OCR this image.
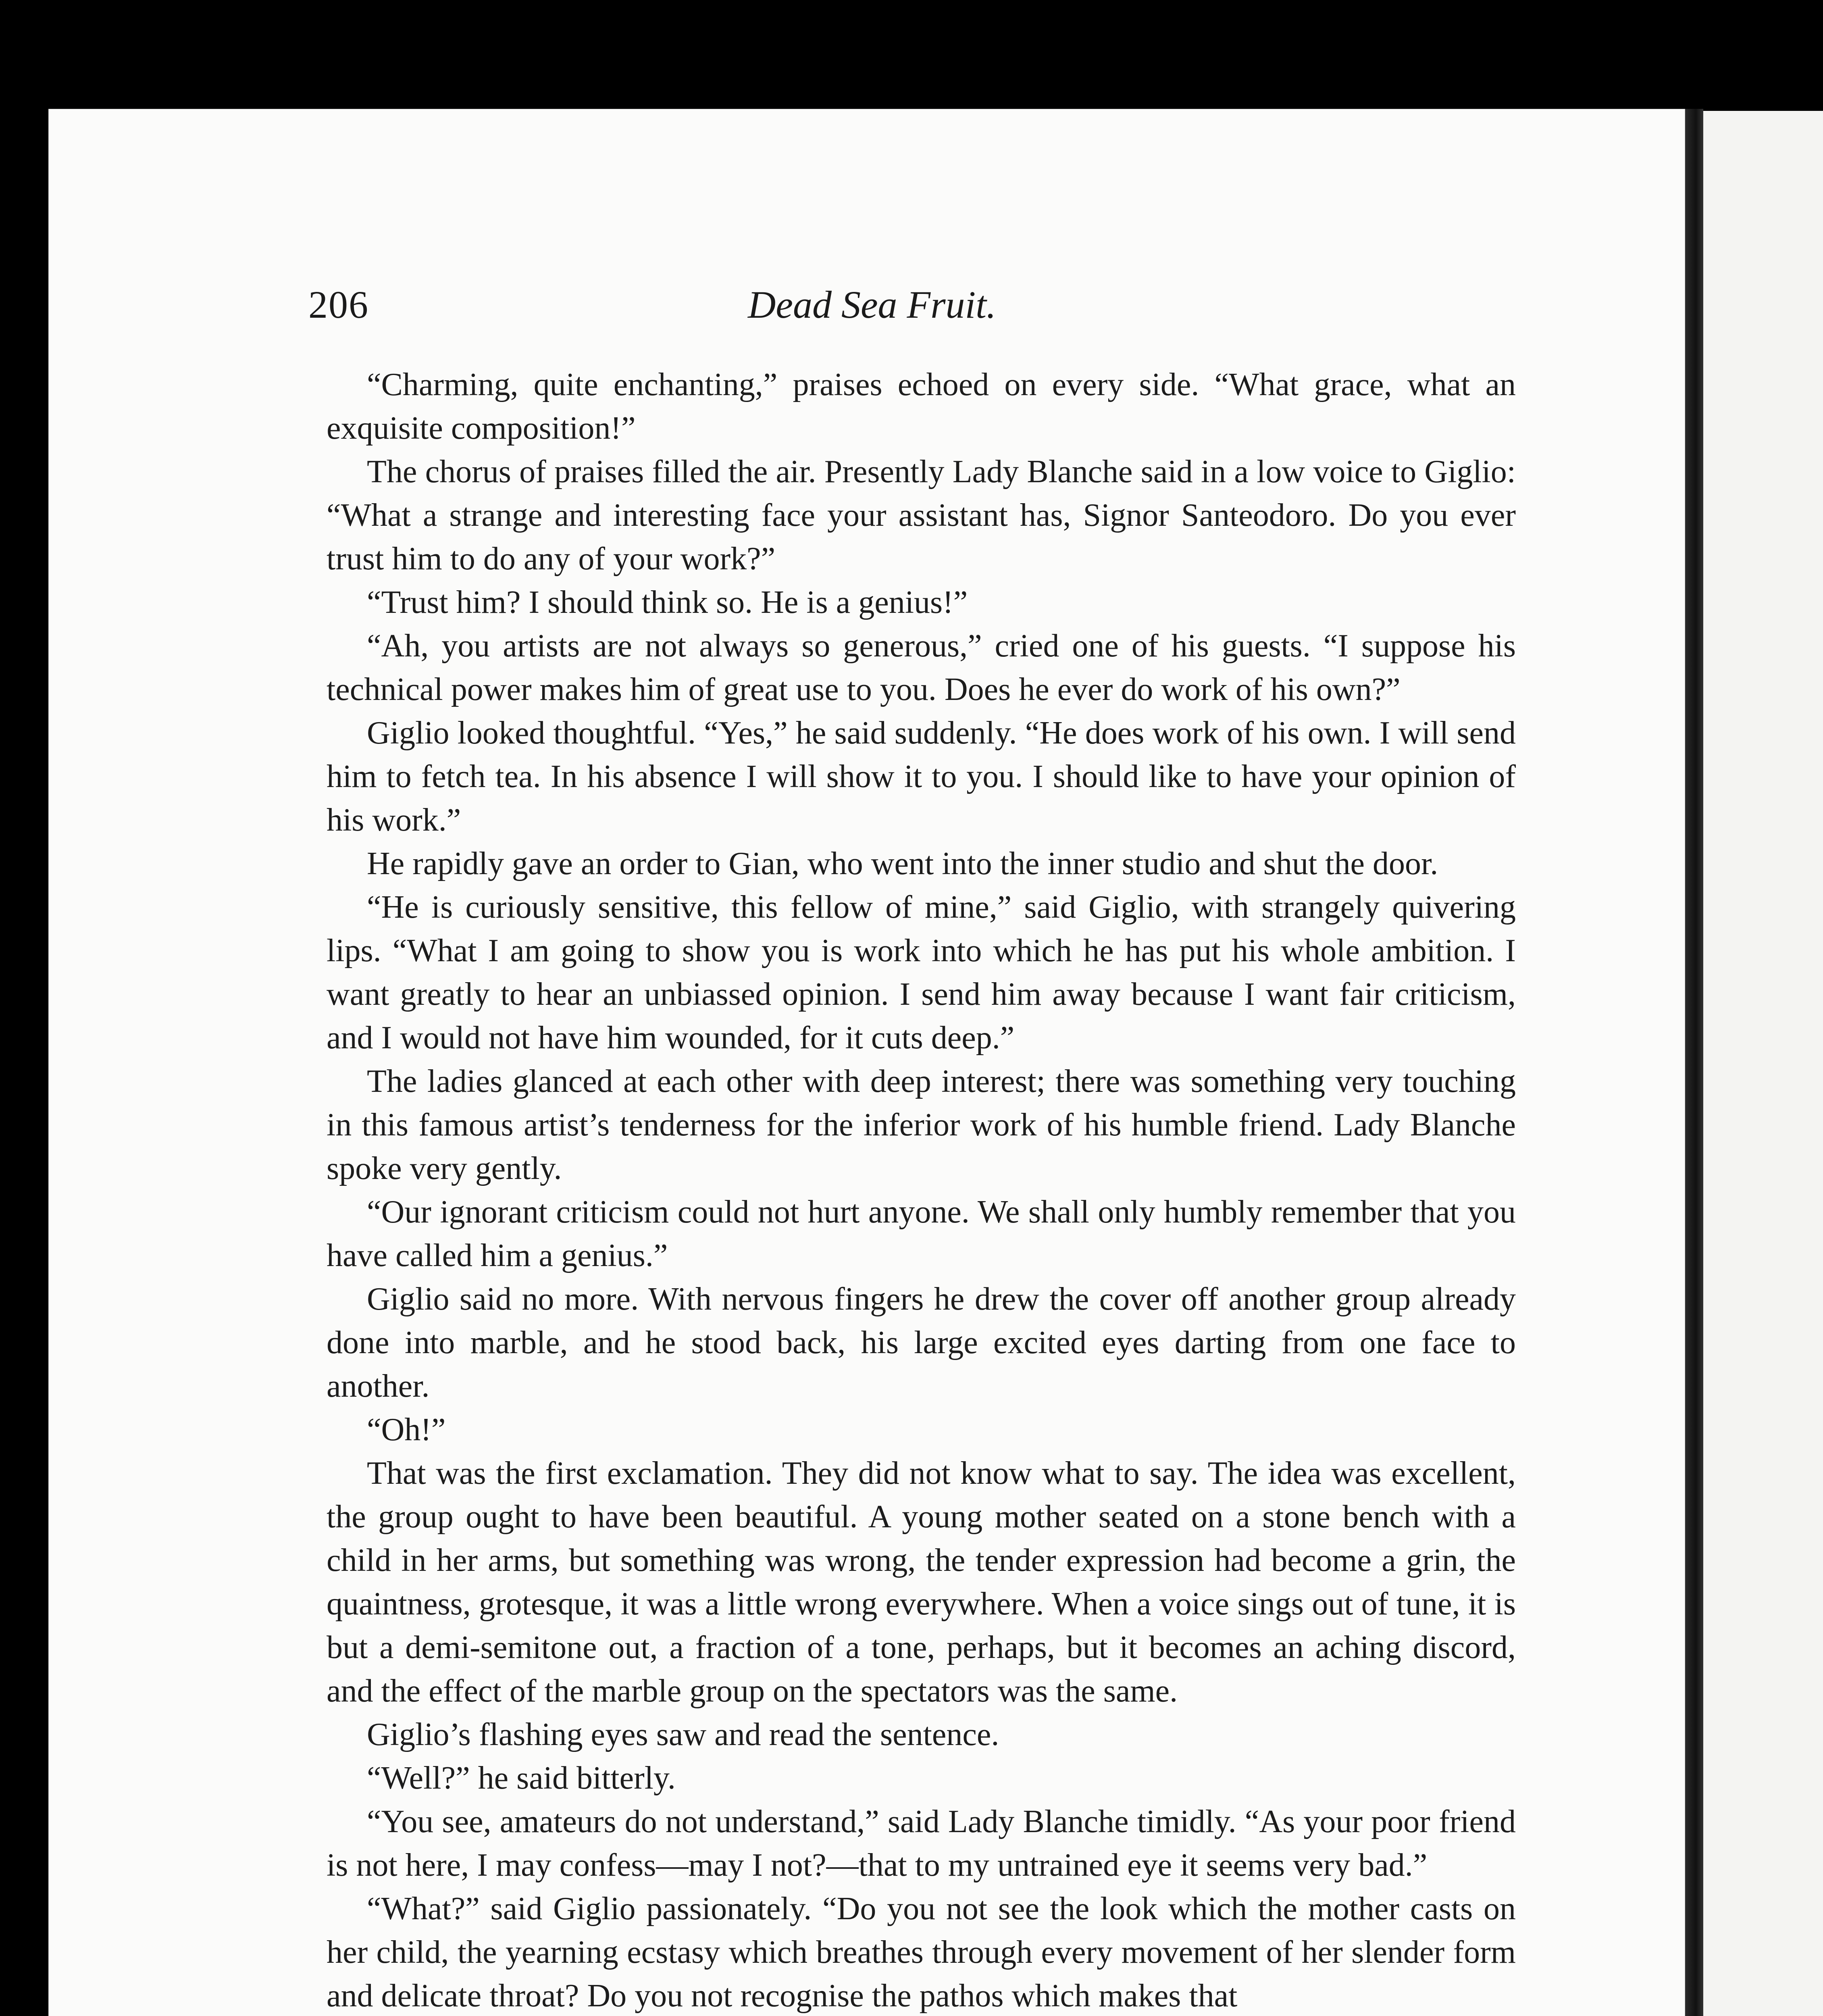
206	Dead Sea Fruit.

“Charming, quite enchanting,” praises echoed on every side. “What grace, what an exquisite composition!”

The chorus of praises filled the air. Presently Lady Blanche said in a low voice to Giglio: “What a strange and interesting face your assistant has, Signor Santeodoro. Do you ever trust him to do any of your work?”

“Trust him? I should think so. He is a genius!”

“Ah, you artists are not always so generous,” cried one of his guests. “I suppose his technical power makes him of great use to you. Does he ever do work of his own?”

Giglio looked thoughtful. “Yes,” he said suddenly. “He does work of his own. I will send him to fetch tea. In his absence I will show it to you. I should like to have your opinion of his work.”

He rapidly gave an order to Gian, who went into the inner studio and shut the door.

“He is curiously sensitive, this fellow of mine,” said Giglio, with strangely quivering lips. “What I am going to show you is work into which he has put his whole ambition. I want greatly to hear an unbiassed opinion. I send him away because I want fair criticism, and I would not have him wounded, for it cuts deep.”

The ladies glanced at each other with deep interest; there was something very touching in this famous artist’s tenderness for the inferior work of his humble friend. Lady Blanche spoke very gently.

“Our ignorant criticism could not hurt anyone. We shall only humbly remember that you have called him a genius.”

Giglio said no more. With nervous fingers he drew the cover off another group already done into marble, and he stood back, his large excited eyes darting from one face to another.

“Oh!”

That was the first exclamation. They did not know what to say. The idea was excellent, the group ought to have been beautiful. A young mother seated on a stone bench with a child in her arms, but something was wrong, the tender expression had become a grin, the quaintness, grotesque, it was a little wrong everywhere. When a voice sings out of tune, it is but a demi-semitone out, a fraction of a tone, perhaps, but it becomes an aching discord, and the effect of the marble group on the spectators was the same.

Giglio’s flashing eyes saw and read the sentence.

“Well?” he said bitterly.

“You see, amateurs do not understand,” said Lady Blanche timidly. “As your poor friend is not here, I may confess—may I not?—that to my untrained eye it seems very bad.”

“What?” said Giglio passionately. “Do you not see the look which the mother casts on her child, the yearning ecstasy which breathes through every movement of her slender form and delicate throat? Do you not recognise the pathos which makes that
